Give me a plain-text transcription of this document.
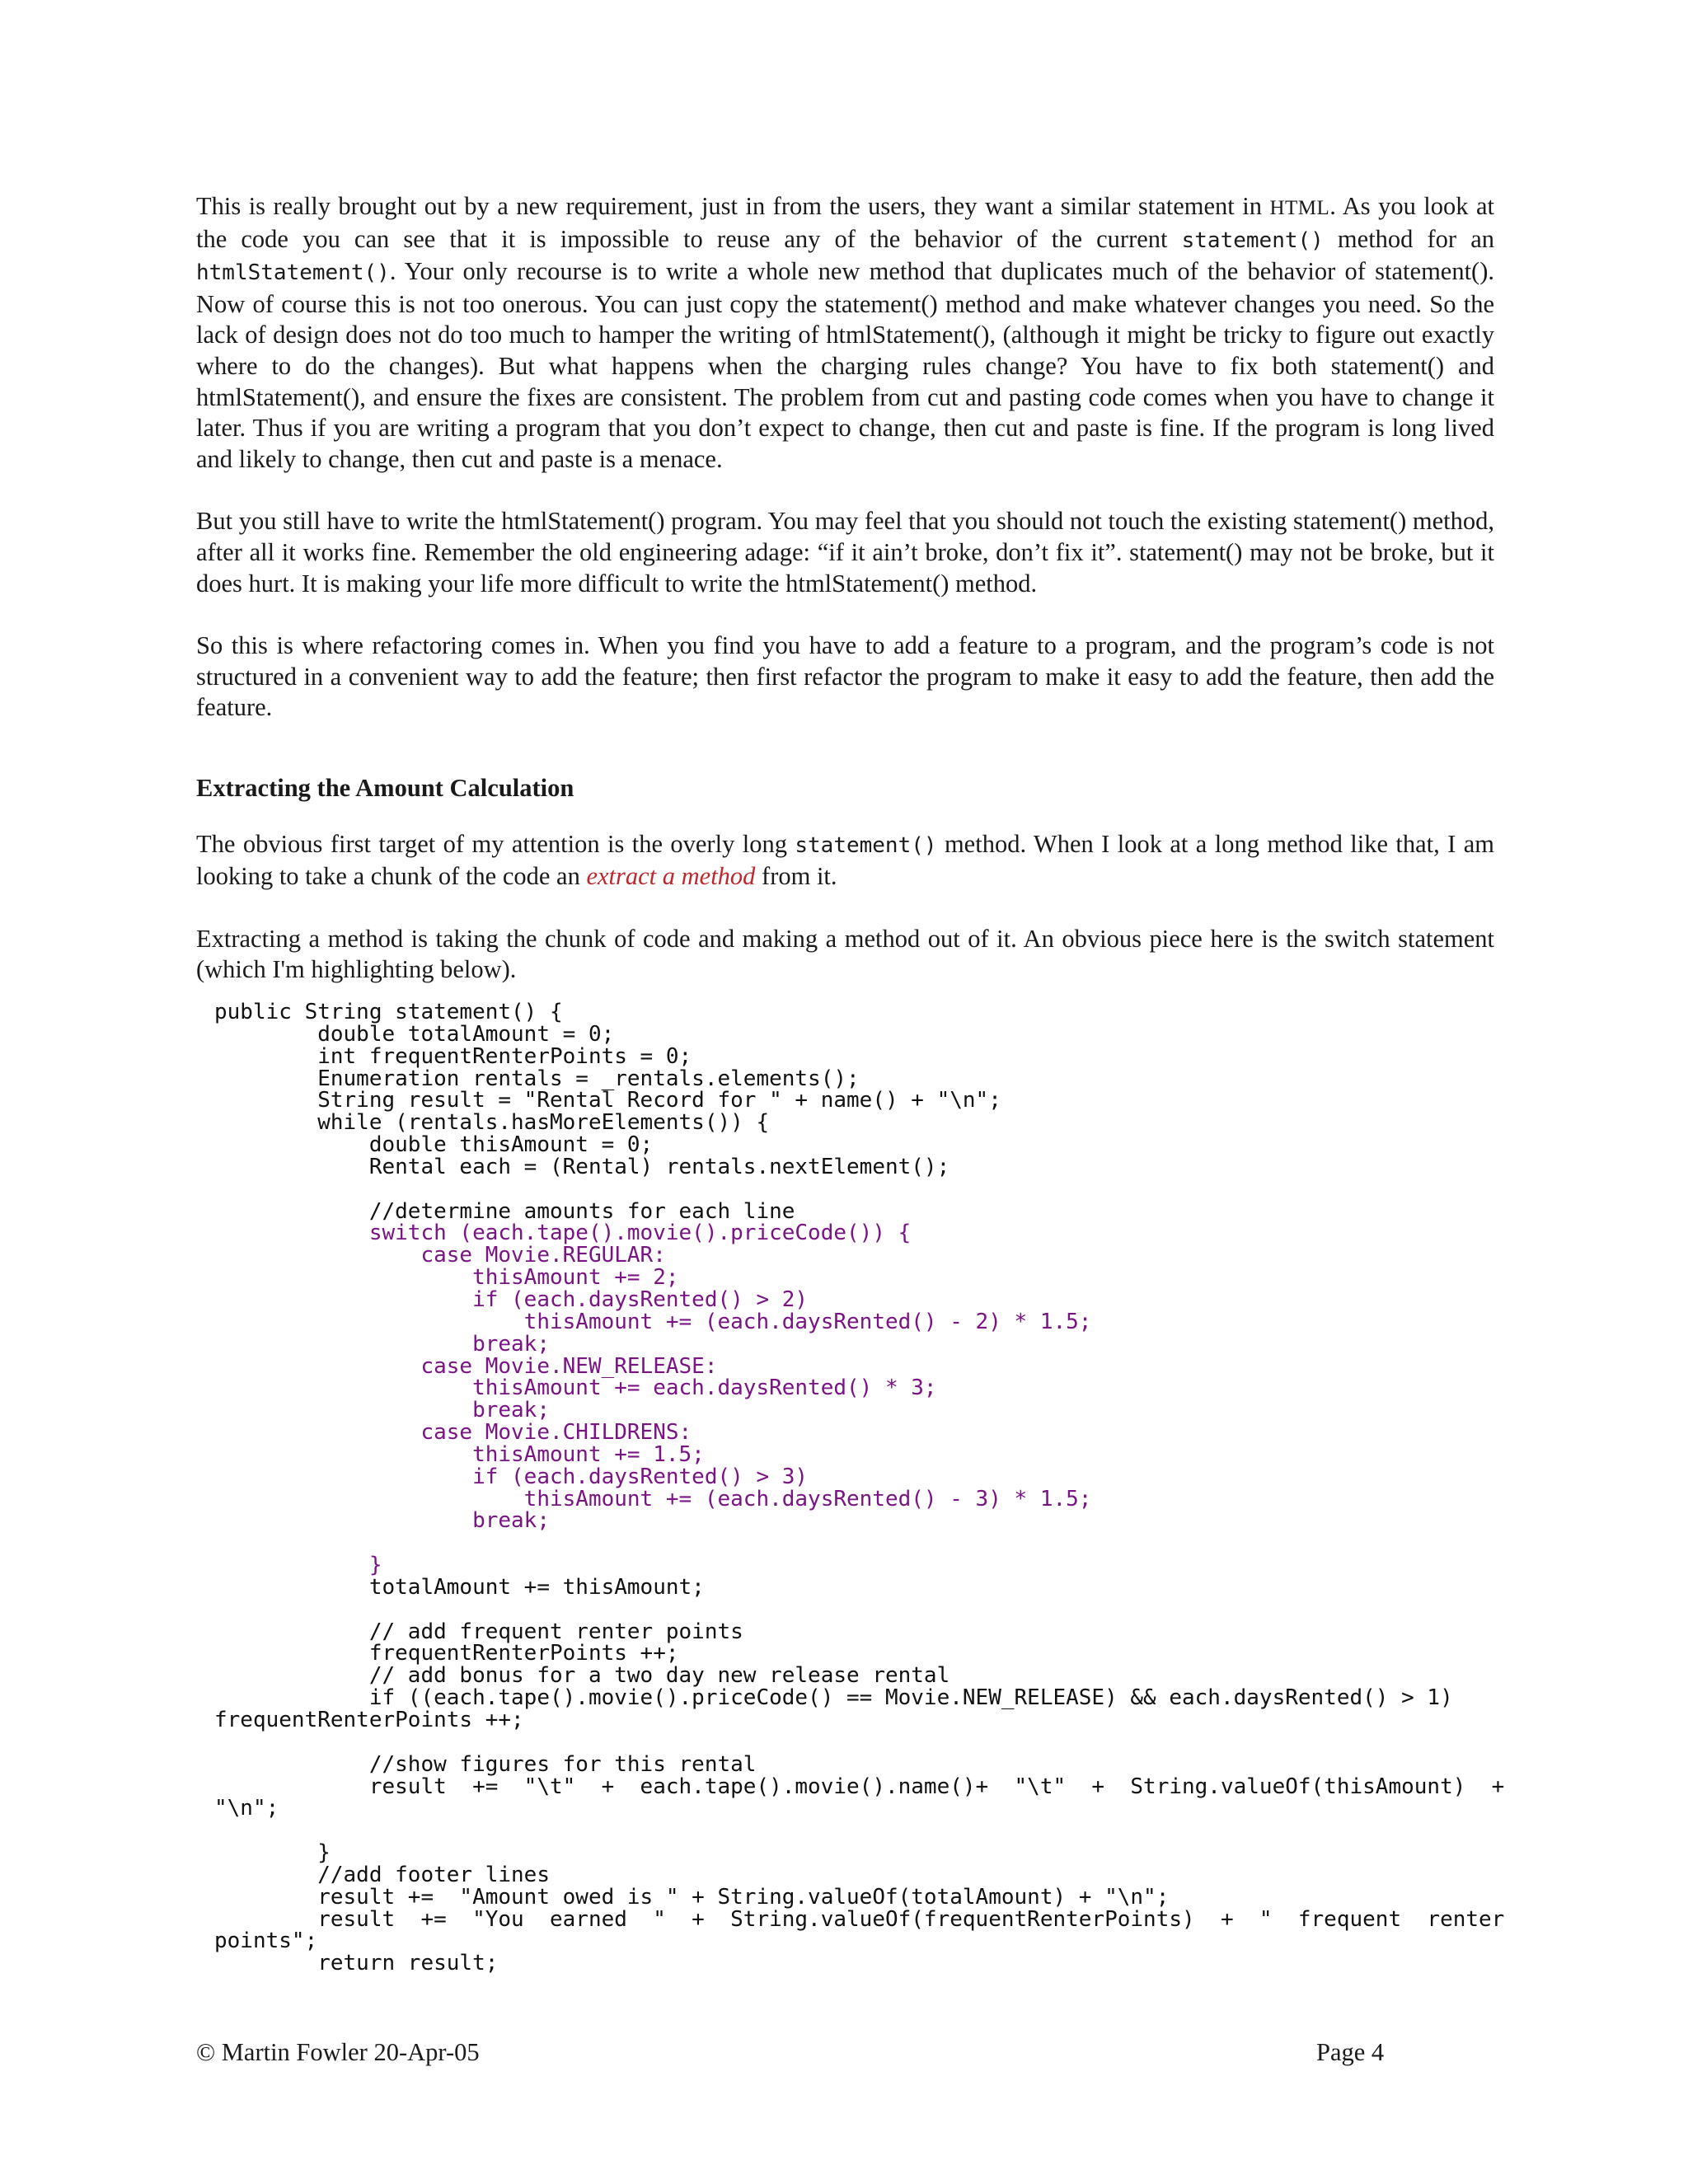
This is really brought out by a new requirement, just in from the users, they want a similar statement in HTML. As you look at the code you can see that it is impossible to reuse any of the behavior of the current statement() method for an htmlStatement(). Your only recourse is to write a whole new method that duplicates much of the behavior of statement(). Now of course this is not too onerous. You can just copy the statement() method and make whatever changes you need. So the lack of design does not do too much to hamper the writing of htmlStatement(), (although it might be tricky to figure out exactly where to do the changes). But what happens when the charging rules change? You have to fix both statement() and htmlStatement(), and ensure the fixes are consistent. The problem from cut and pasting code comes when you have to change it later. Thus if you are writing a program that you don’t expect to change, then cut and paste is fine. If the program is long lived and likely to change, then cut and paste is a menace.

But you still have to write the htmlStatement() program. You may feel that you should not touch the existing statement() method, after all it works fine. Remember the old engineering adage: “if it ain’t broke, don’t fix it”. statement() may not be broke, but it does hurt. It is making your life more difficult to write the htmlStatement() method.

So this is where refactoring comes in. When you find you have to add a feature to a program, and the program’s code is not structured in a convenient way to add the feature; then first refactor the program to make it easy to add the feature, then add the feature.

Extracting the Amount Calculation

The obvious first target of my attention is the overly long statement() method. When I look at a long method like that, I am looking to take a chunk of the code an extract a method from it.

Extracting a method is taking the chunk of code and making a method out of it. An obvious piece here is the switch statement (which I'm highlighting below).

public String statement() {
double totalAmount = 0;
int frequentRenterPoints = 0;
Enumeration rentals = _rentals.elements();
String result = "Rental Record for " + name() + "\n";
while (rentals.hasMoreElements()) {
double thisAmount = 0;
Rental each = (Rental) rentals.nextElement();

//determine amounts for each line
switch (each.tape().movie().priceCode()) {
case Movie.REGULAR:
thisAmount += 2;
if (each.daysRented() > 2)
thisAmount += (each.daysRented() - 2) * 1.5;
break;
case Movie.NEW_RELEASE:
thisAmount += each.daysRented() * 3;
break;
case Movie.CHILDRENS:
thisAmount += 1.5;
if (each.daysRented() > 3)
thisAmount += (each.daysRented() - 3) * 1.5;
break;

}
totalAmount += thisAmount;

// add frequent renter points
frequentRenterPoints ++;
// add bonus for a two day new release rental
if ((each.tape().movie().priceCode() == Movie.NEW_RELEASE) && each.daysRented() > 1)
frequentRenterPoints ++;

//show figures for this rental
result  +=  "\t"  +  each.tape().movie().name()+  "\t"  +  String.valueOf(thisAmount)  +
"\n";

}
//add footer lines
result +=  "Amount owed is " + String.valueOf(totalAmount) + "\n";
result  +=  "You  earned  "  +  String.valueOf(frequentRenterPoints)  +  "  frequent  renter
points";
return result;
© Martin Fowler 20-Apr-05	Page 4
